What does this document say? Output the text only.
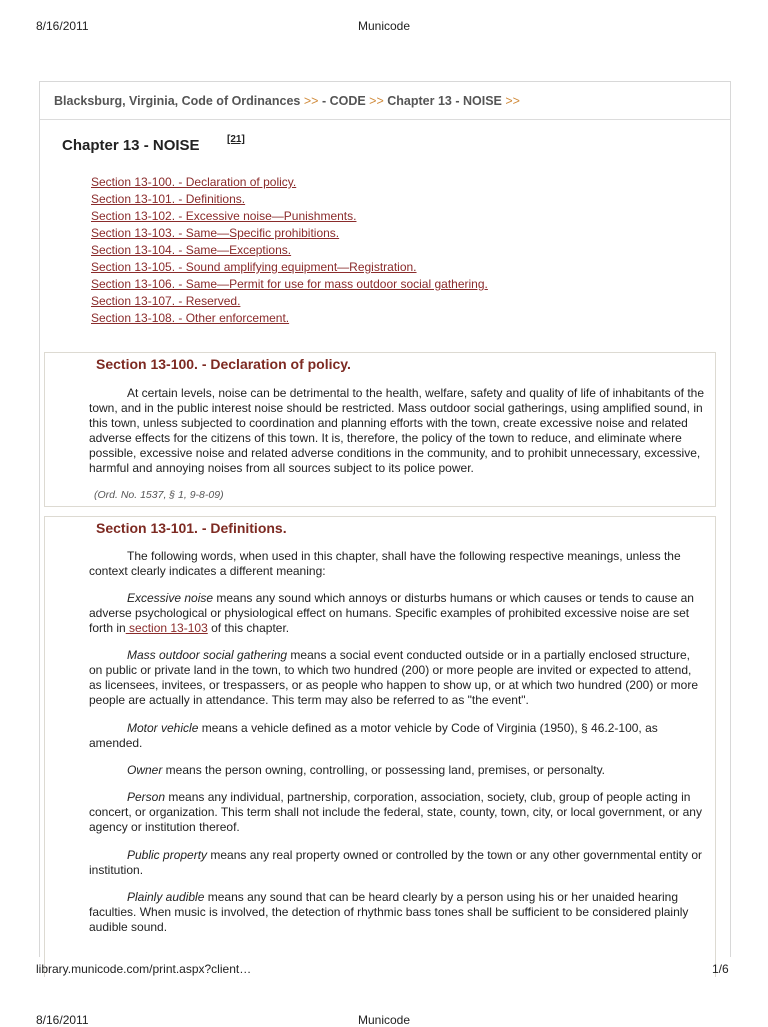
8/16/2011	Municode
Blacksburg, Virginia, Code of Ordinances >> - CODE >> Chapter 13 - NOISE >>
Chapter 13 - NOISE	[21]
Section 13-100. - Declaration of policy.
Section 13-101. - Definitions.
Section 13-102. - Excessive noise—Punishments.
Section 13-103. - Same—Specific prohibitions.
Section 13-104. - Same—Exceptions.
Section 13-105. - Sound amplifying equipment—Registration.
Section 13-106. - Same—Permit for use for mass outdoor social gathering.
Section 13-107. - Reserved.
Section 13-108. - Other enforcement.
Section 13-100. - Declaration of policy.

At certain levels, noise can be detrimental to the health, welfare, safety and quality of life of inhabitants of the town, and in the public interest noise should be restricted. Mass outdoor social gatherings, using amplified sound, in this town, unless subjected to coordination and planning efforts with the town, create excessive noise and related adverse effects for the citizens of this town. It is, therefore, the policy of the town to reduce, and eliminate where possible, excessive noise and related adverse conditions in the community, and to prohibit unnecessary, excessive, harmful and annoying noises from all sources subject to its police power.

(Ord. No. 1537, § 1, 9-8-09)
Section 13-101. - Definitions.

The following words, when used in this chapter, shall have the following respective meanings, unless the context clearly indicates a different meaning:

Excessive noise means any sound which annoys or disturbs humans or which causes or tends to cause an adverse psychological or physiological effect on humans. Specific examples of prohibited excessive noise are set forth in section 13-103 of this chapter.

Mass outdoor social gathering means a social event conducted outside or in a partially enclosed structure, on public or private land in the town, to which two hundred (200) or more people are invited or expected to attend, as licensees, invitees, or trespassers, or as people who happen to show up, or at which two hundred (200) or more people are actually in attendance. This term may also be referred to as "the event".

Motor vehicle means a vehicle defined as a motor vehicle by Code of Virginia (1950), § 46.2-100, as amended.

Owner means the person owning, controlling, or possessing land, premises, or personalty.

Person means any individual, partnership, corporation, association, society, club, group of people acting in concert, or organization. This term shall not include the federal, state, county, town, city, or local government, or any agency or institution thereof.

Public property means any real property owned or controlled by the town or any other governmental entity or institution.

Plainly audible means any sound that can be heard clearly by a person using his or her unaided hearing faculties. When music is involved, the detection of rhythmic bass tones shall be sufficient to be considered plainly audible sound.

library.municode.com/print.aspx?client…	1/6
8/16/2011	Municode
